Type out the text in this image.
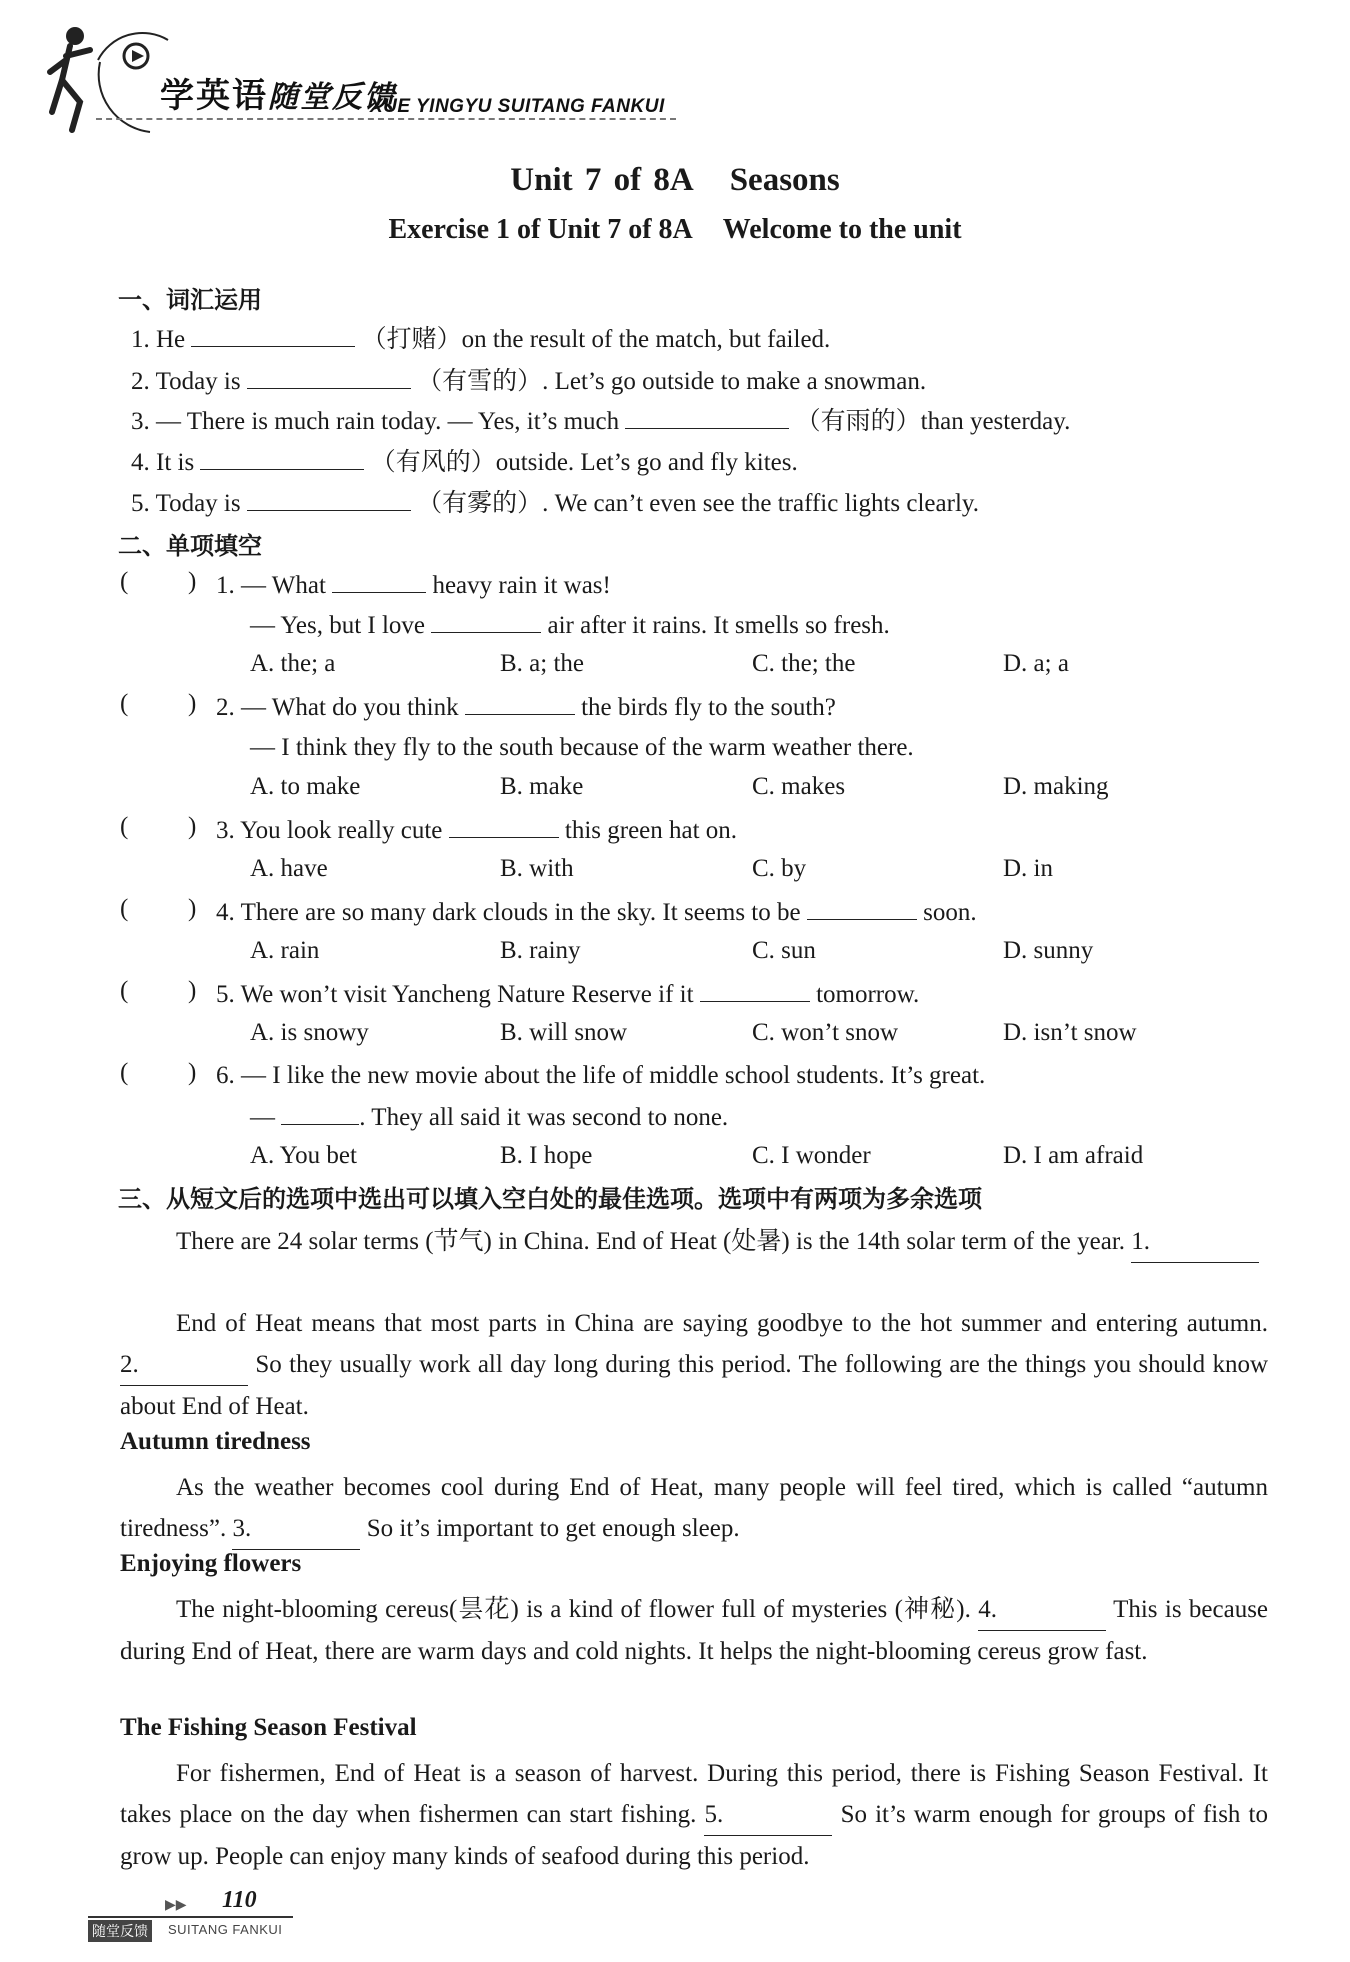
学英语随堂反馈
XUE YINGYU SUITANG FANKUI
Unit 7 of 8A Seasons
Exercise 1 of Unit 7 of 8A Welcome to the unit
一、词汇运用
1. He	（打赌）on the result of the match, but failed.
2. Today is	（有雪的）. Let’s go outside to make a snowman.
3. — There is much rain today. — Yes, it’s much	（有雨的）than yesterday.
4. It is	（有风的）outside. Let’s go and fly kites.
5. Today is	（有雾的）. We can’t even see the traffic lights clearly.
二、单项填空
( ) 1. — What	heavy rain it was!
— Yes, but I love	air after it rains. It smells so fresh.
A. the; a	B. a; the	C. the; the	D. a; a
( ) 2. — What do you think	the birds fly to the south?
— I think they fly to the south because of the warm weather there.
A. to make	B. make	C. makes	D. making
( ) 3. You look really cute	this green hat on.
A. have	B. with	C. by	D. in
( ) 4. There are so many dark clouds in the sky. It seems to be	soon.
A. rain	B. rainy	C. sun	D. sunny
( ) 5. We won’t visit Yancheng Nature Reserve if it	tomorrow.
A. is snowy	B. will snow	C. won’t snow	D. isn’t snow
( ) 6. — I like the new movie about the life of middle school students. It’s great.
—	. They all said it was second to none.
A. You bet	B. I hope	C. I wonder	D. I am afraid
三、从短文后的选项中选出可以填入空白处的最佳选项。选项中有两项为多余选项
There are 24 solar terms (节气) in China. End of Heat (处暑) is the 14th solar term of the year. 1.
End of Heat means that most parts in China are saying goodbye to the hot summer and entering autumn. 2.	So they usually work all day long during this period. The following are the things you should know about End of Heat.
Autumn tiredness
As the weather becomes cool during End of Heat, many people will feel tired, which is called “autumn tiredness”. 3.	So it’s important to get enough sleep.
Enjoying flowers
The night-blooming cereus(昙花) is a kind of flower full of mysteries (神秘). 4.	This is because during End of Heat, there are warm days and cold nights. It helps the night-blooming cereus grow fast.
The Fishing Season Festival
For fishermen, End of Heat is a season of harvest. During this period, there is Fishing Season Festival. It takes place on the day when fishermen can start fishing. 5.	So it’s warm enough for groups of fish to grow up. People can enjoy many kinds of seafood during this period.
▶▶ 110
随堂反馈	SUITANG FANKUI
